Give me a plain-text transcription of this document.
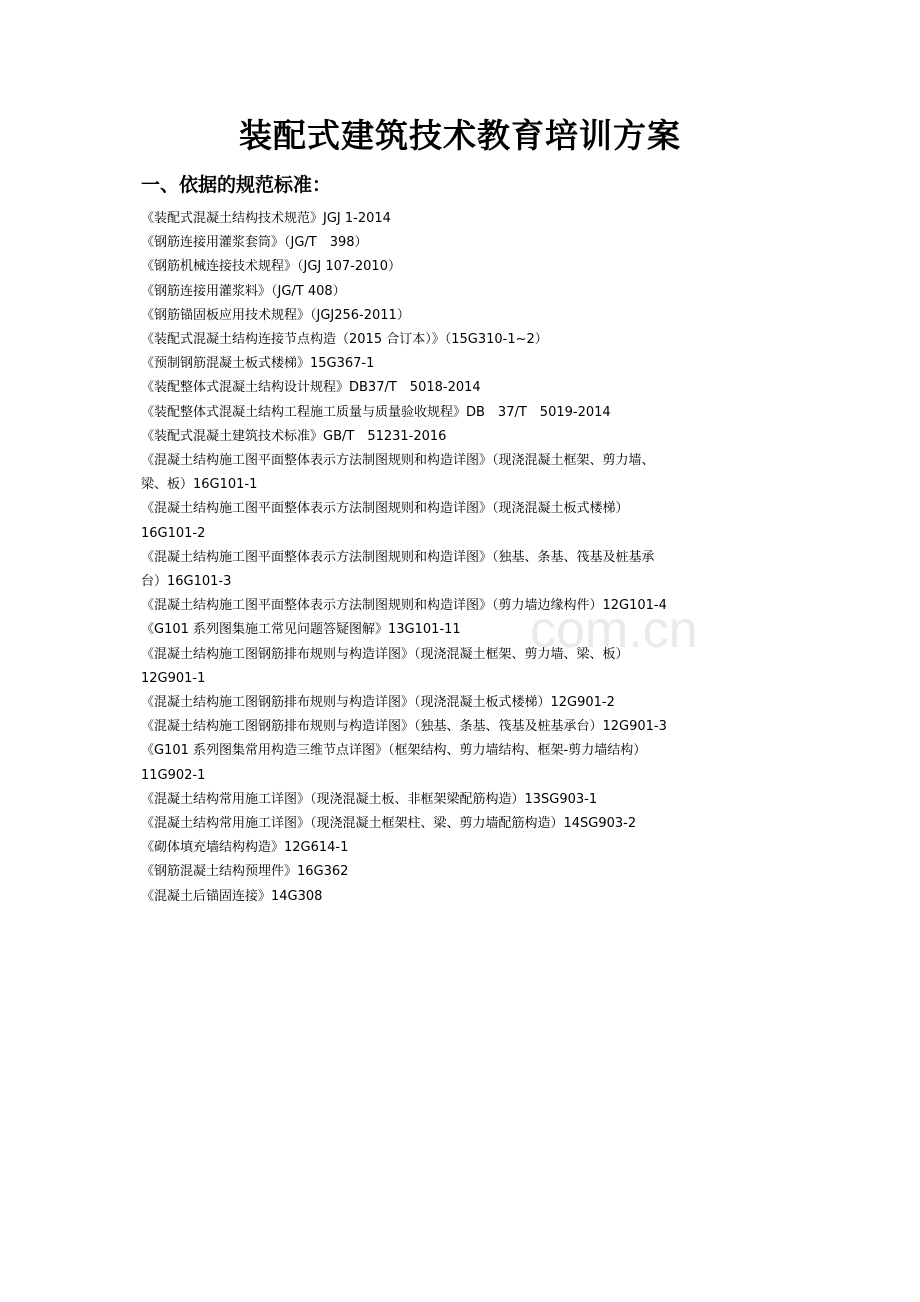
装配式建筑技术教育培训方案
一、依据的规范标准：
《装配式混凝土结构技术规范》JGJ 1-2014
《钢筋连接用灌浆套筒》（JG/T　398）
《钢筋机械连接技术规程》（JGJ 107-2010）
《钢筋连接用灌浆料》（JG/T 408）
《钢筋锚固板应用技术规程》（JGJ256-2011）
《装配式混凝土结构连接节点构造（2015 合订本）》（15G310-1~2）
《预制钢筋混凝土板式楼梯》15G367-1
《装配整体式混凝土结构设计规程》DB37/T　5018-2014
《装配整体式混凝土结构工程施工质量与质量验收规程》DB　37/T　5019-2014
《装配式混凝土建筑技术标准》GB/T　51231-2016
《混凝土结构施工图平面整体表示方法制图规则和构造详图》（现浇混凝土框架、剪力墙、
梁、板）16G101-1
《混凝土结构施工图平面整体表示方法制图规则和构造详图》（现浇混凝土板式楼梯）
16G101-2
《混凝土结构施工图平面整体表示方法制图规则和构造详图》（独基、条基、筏基及桩基承
台）16G101-3
《混凝土结构施工图平面整体表示方法制图规则和构造详图》（剪力墙边缘构件）12G101-4
《G101 系列图集施工常见问题答疑图解》13G101-11
《混凝土结构施工图钢筋排布规则与构造详图》（现浇混凝土框架、剪力墙、梁、板）
12G901-1
《混凝土结构施工图钢筋排布规则与构造详图》（现浇混凝土板式楼梯）12G901-2
《混凝土结构施工图钢筋排布规则与构造详图》（独基、条基、筏基及桩基承台）12G901-3
《G101 系列图集常用构造三维节点详图》（框架结构、剪力墙结构、框架-剪力墙结构）
11G902-1
《混凝土结构常用施工详图》（现浇混凝土板、非框架梁配筋构造）13SG903-1
《混凝土结构常用施工详图》（现浇混凝土框架柱、梁、剪力墙配筋构造）14SG903-2
《砌体填充墙结构构造》12G614-1
《钢筋混凝土结构预埋件》16G362
《混凝土后锚固连接》14G308
com.cn
